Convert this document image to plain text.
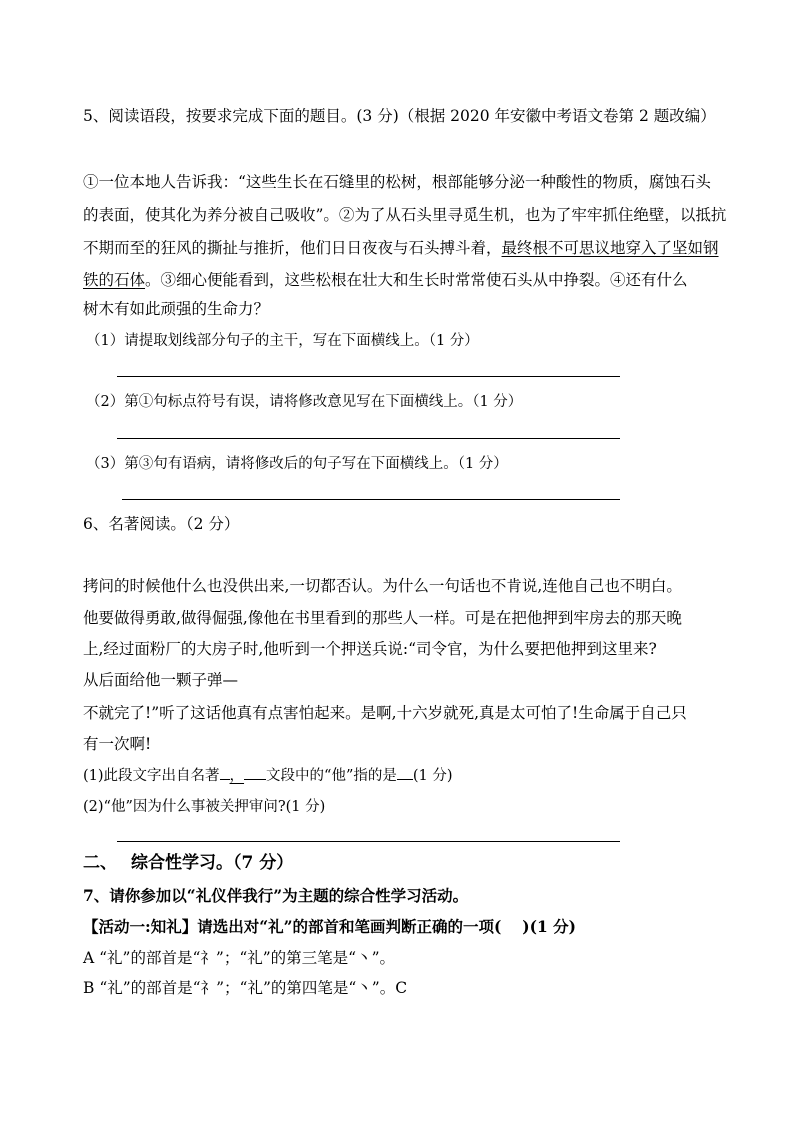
5、阅读语段，按要求完成下面的题目。(3 分)（根据 2020 年安徽中考语文卷第 2 题改编）
①一位本地人告诉我：“这些生长在石缝里的松树，根部能够分泌一种酸性的物质，腐蚀石头
的表面，使其化为养分被自己吸收”。②为了从石头里寻觅生机，也为了牢牢抓住绝壁，以抵抗
不期而至的狂风的撕扯与推折，他们日日夜夜与石头搏斗着，最终根不可思议地穿入了坚如钢
铁的石体。③细心便能看到，这些松根在壮大和生长时常常使石头从中挣裂。④还有什么
树木有如此顽强的生命力？
（1）请提取划线部分句子的主干，写在下面横线上。（1 分）
（2）第①句标点符号有误，请将修改意见写在下面横线上。（1 分）
（3）第③句有语病，请将修改后的句子写在下面横线上。（1 分）
6、名著阅读。（2 分）
拷问的时候他什么也没供出来,一切都否认。为什么一句话也不肯说,连他自己也不明白。
他要做得勇敢,做得倔强,像他在书里看到的那些人一样。可是在把他押到牢房去的那天晚
上,经过面粉厂的大房子时,他听到一个押送兵说:“司令官，为什么要把他押到这里来?
从后面给他一颗子弹—
不就完了!”听了这话他真有点害怕起来。是啊,十六岁就死,真是太可怕了!生命属于自己只
有一次啊!
(1)此段文字出自名著 ， 文段中的“他”指的是 (1 分)
(2)“他”因为什么事被关押审问?(1 分)
二、 综合性学习。（7 分）
7、请你参加以“礼仪伴我行”为主题的综合性学习活动。
【活动一:知礼】请选出对“礼”的部首和笔画判断正确的一项(　 )(1 分)
A “礼”的部首是“礻”；“礼”的第三笔是“丶”。
B “礼”的部首是“礻”；“礼”的第四笔是“丶”。C
